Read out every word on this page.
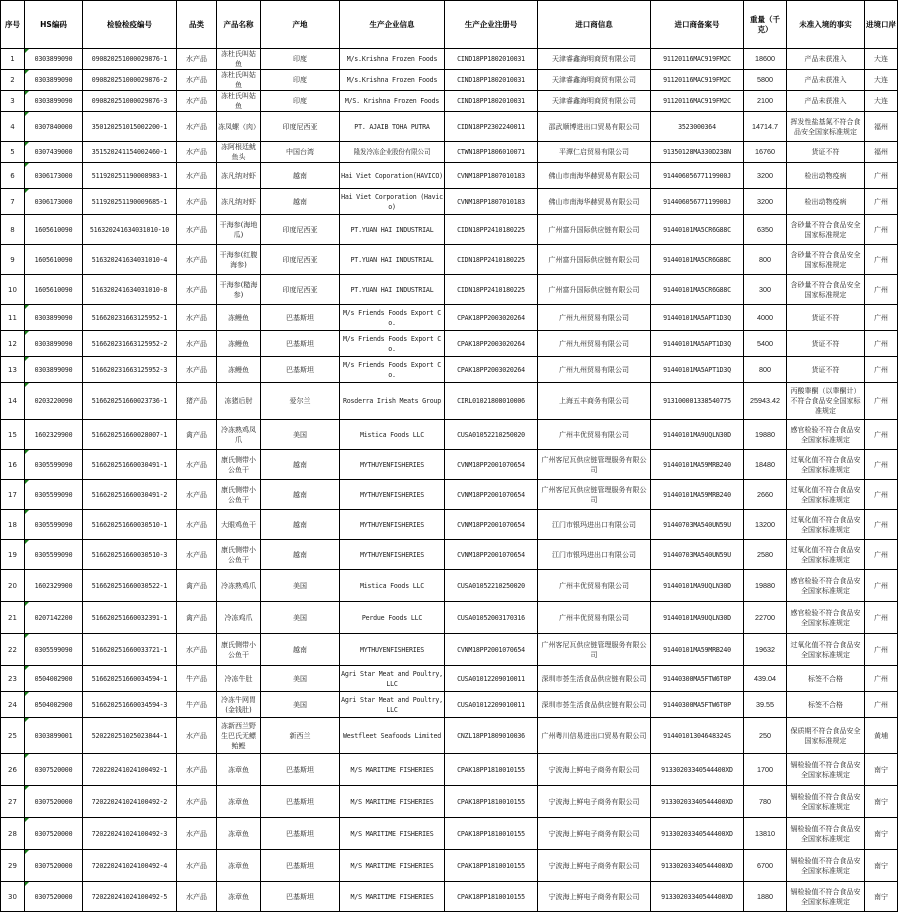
序号	HS编码	检验检疫编号	品类	产品名称	产地	生产企业信息	生产企业注册号	进口商信息	进口商备案号	重量（千克）	未准入境的事实	进境口岸
1	0303899090	090820251000029876-1	水产品	冻杜氏叫姑鱼	印度	M/s.Krishna Frozen Foods	CIND18PP1802010031	天津睿鑫海明商贸有限公司	91120116MAC919FM2C	18600	产品未获准入	大连
2	0303899090	090820251000029876-2	水产品	冻杜氏叫姑鱼	印度	M/s.Krishna Frozen Foods	CIND18PP1802010031	天津睿鑫海明商贸有限公司	91120116MAC919FM2C	5800	产品未获准入	大连
3	0303899090	090820251000029876-3	水产品	冻杜氏叫姑鱼	印度	M/S. Krishna Frozen Foods	CIND18PP1802010031	天津睿鑫海明商贸有限公司	91120116MAC919FM2C	2100	产品未获准入	大连
4	0307840000	350120251015002200-1	水产品	冻凤螺（肉）	印度尼西亚	PT. AJAIB TOHA PUTRA	CIDN18PP2302240011	邵武顺博进出口贸易有限公司	3523000364	14714.7	挥发性盐基氮不符合食品安全国家标准规定	福州
5	0307439000	351520241154002460-1	水产品	冻阿根廷鱿鱼头	中国台湾	隆发冷冻企业股份有限公司	CTWN18PP1806010071	平潭仁启贸易有限公司	91350128MA330D238N	16760	货证不符	福州
6	0306173000	511920251190008983-1	水产品	冻凡纳对虾	越南	Hai Viet Coporation(HAVICO)	CVNM18PP1807010183	佛山市南海华赫贸易有限公司	91440605677119900J	3200	检出动物疫病	广州
7	0306173000	511920251190009685-1	水产品	冻凡纳对虾	越南	Hai Viet Corporation (Havico)	CVNM18PP1807010183	佛山市南海华赫贸易有限公司	91440605677119900J	3200	检出动物疫病	广州
8	1605610090	516320241634031010-10	水产品	干海参(海地瓜)	印度尼西亚	PT.YUAN HAI INDUSTRIAL	CIDN18PP2410180225	广州富升国际供应链有限公司	91440101MA5CR6G88C	6350	含砂量不符合食品安全国家标准规定	广州
9	1605610090	516320241634031010-4	水产品	干海参(红腹海参)	印度尼西亚	PT.YUAN HAI INDUSTRIAL	CIDN18PP2410180225	广州富升国际供应链有限公司	91440101MA5CR6G88C	800	含砂量不符合食品安全国家标准规定	广州
10	1605610090	516320241634031010-8	水产品	干海参(糙海参)	印度尼西亚	PT.YUAN HAI INDUSTRIAL	CIDN18PP2410180225	广州富升国际供应链有限公司	91440101MA5CR6G88C	300	含砂量不符合食品安全国家标准规定	广州
11	0303899090	516620231663125952-1	水产品	冻鳗鱼	巴基斯坦	M/s Friends Foods Export Co.	CPAK18PP2003020264	广州九州贸易有限公司	91440101MA5APT1D3Q	4000	货证不符	广州
12	0303899090	516620231663125952-2	水产品	冻鳗鱼	巴基斯坦	M/s Friends Foods Export Co.	CPAK18PP2003020264	广州九州贸易有限公司	91440101MA5APT1D3Q	5400	货证不符	广州
13	0303899090	516620231663125952-3	水产品	冻鳗鱼	巴基斯坦	M/s Friends Foods Export Co.	CPAK18PP2003020264	广州九州贸易有限公司	91440101MA5APT1D3Q	800	货证不符	广州
14	0203220090	516620251660023736-1	猪产品	冻猪后肘	爱尔兰	Rosderra Irish Meats Group	CIRL01021808010006	上海五丰商务有限公司	913100001338540775	25943.42	丙酸睾酮（以睾酮计）不符合食品安全国家标准规定	广州
15	1602329900	516620251660028007-1	禽产品	冷冻熟鸡凤爪	美国	Mistica Foods LLC	CUSA01052210250020	广州丰优贸易有限公司	91440101MA9UQLN30D	19880	感官检验不符合食品安全国家标准规定	广州
16	0305599090	516620251660030491-1	水产品	康氏侧带小公鱼干	越南	MYTHUYENFISHERIES	CVNM18PP2001070654	广州客尼瓦供应链管理服务有限公司	91440101MA59MRB240	18480	过氧化值不符合食品安全国家标准规定	广州
17	0305599090	516620251660030491-2	水产品	康氏侧带小公鱼干	越南	MYTHUYENFISHERIES	CVNM18PP2001070654	广州客尼瓦供应链管理服务有限公司	91440101MA59MRB240	2660	过氧化值不符合食品安全国家标准规定	广州
18	0305599090	516620251660030510-1	水产品	大眼鸡鱼干	越南	MYTHUYENFISHERIES	CVNM18PP2001070654	江门市银玛进出口有限公司	91440703MA540UN59U	13200	过氧化值不符合食品安全国家标准规定	广州
19	0305599090	516620251660030510-3	水产品	康氏侧带小公鱼干	越南	MYTHUYENFISHERIES	CVNM18PP2001070654	江门市银玛进出口有限公司	91440703MA540UN59U	2580	过氧化值不符合食品安全国家标准规定	广州
20	1602329900	516620251660030522-1	禽产品	冷冻熟鸡爪	美国	Mistica Foods LLC	CUSA01052210250020	广州丰优贸易有限公司	91440101MA9UQLN30D	19880	感官检验不符合食品安全国家标准规定	广州
21	0207142200	516620251660032391-1	禽产品	冷冻鸡爪	美国	Perdue Foods LLC	CUSA01052003170316	广州丰优贸易有限公司	91440101MA9UQLN30D	22700	感官检验不符合食品安全国家标准规定	广州
22	0305599090	516620251660033721-1	水产品	康氏侧带小公鱼干	越南	MYTHUYENFISHERIES	CVNM18PP2001070654	广州客尼瓦供应链管理服务有限公司	91440101MA59MRB240	19632	过氧化值不符合食品安全国家标准规定	广州
23	0504002900	516620251660034594-1	牛产品	冷冻牛肚	美国	Agri Star Meat and Poultry, LLC	CUSA01012209010011	深圳市荟生活食品供应链有限公司	91440300MA5FTW6T0P	439.04	标签不合格	广州
24	0504002900	516620251660034594-3	牛产品	冷冻牛网胃(金钱肚)	美国	Agri Star Meat and Poultry, LLC	CUSA01012209010011	深圳市荟生活食品供应链有限公司	91440300MA5FTW6T0P	39.55	标签不合格	广州
25	0303899001	520220251025023844-1	水产品	冻新西兰野生巴氏无鳔鲐鲣	新西兰	Westfleet Seafoods Limited	CNZL18PP1809010036	广州粤川信易进出口贸易有限公司	91440101304648324S	250	保质期不符合食品安全国家标准规定	黄埔
26	0307520000	720220241024100492-1	水产品	冻章鱼	巴基斯坦	M/S MARITIME FISHERIES	CPAK18PP1810010155	宁波海上鲜电子商务有限公司	91330203340544400XD	1700	镉检验值不符合食品安全国家标准规定	南宁
27	0307520000	720220241024100492-2	水产品	冻章鱼	巴基斯坦	M/S MARITIME FISHERIES	CPAK18PP1810010155	宁波海上鲜电子商务有限公司	91330203340544400XD	780	镉检验值不符合食品安全国家标准规定	南宁
28	0307520000	720220241024100492-3	水产品	冻章鱼	巴基斯坦	M/S MARITIME FISHERIES	CPAK18PP1810010155	宁波海上鲜电子商务有限公司	91330203340544400XD	13810	镉检验值不符合食品安全国家标准规定	南宁
29	0307520000	720220241024100492-4	水产品	冻章鱼	巴基斯坦	M/S MARITIME FISHERIES	CPAK18PP1810010155	宁波海上鲜电子商务有限公司	91330203340544400XD	6700	镉检验值不符合食品安全国家标准规定	南宁
30	0307520000	720220241024100492-5	水产品	冻章鱼	巴基斯坦	M/S MARITIME FISHERIES	CPAK18PP1810010155	宁波海上鲜电子商务有限公司	91330203340544400XD	1880	镉检验值不符合食品安全国家标准规定	南宁
